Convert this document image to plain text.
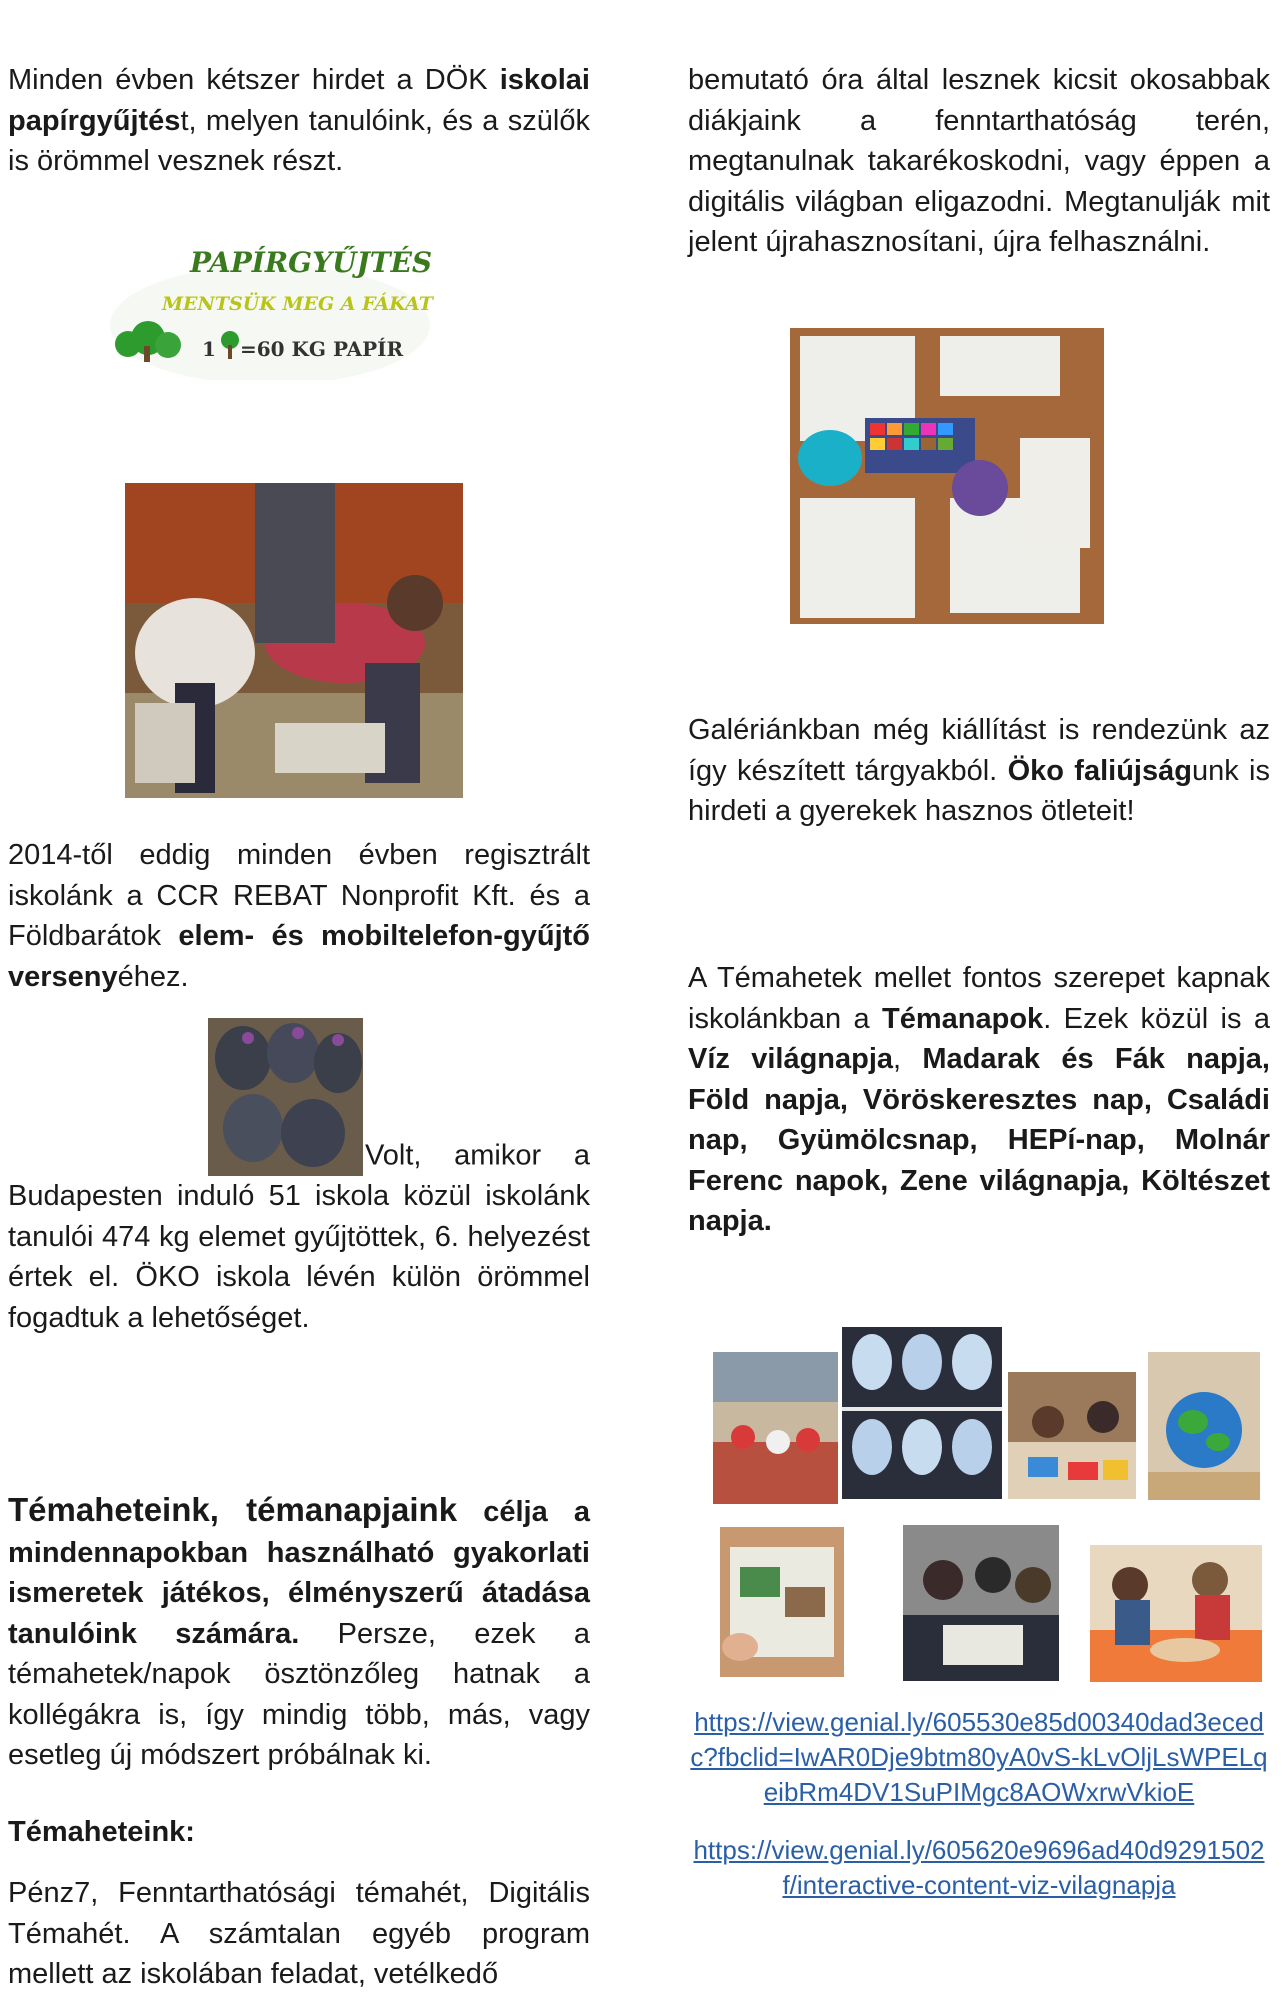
Minden évben kétszer hirdet a DÖK iskolai papírgyűjtést, melyen tanulóink, és a szülők is örömmel vesznek részt.

PAPÍRGYŰJTÉS
MENTSÜK MEG A FÁKAT
1 =60 KG PAPÍR

2014-től eddig minden évben regisztrált iskolánk a CCR REBAT Nonprofit Kft. és a Földbarátok elem- és mobiltelefon-gyűjtő versenyéhez.

Volt, amikor a Budapesten induló 51 iskola közül iskolánk tanulói 474 kg elemet gyűjtöttek, 6. helyezést értek el. ÖKO iskola lévén külön örömmel fogadtuk a lehetőséget.

Témaheteink, témanapjaink célja a mindennapokban használható gyakorlati ismeretek játékos, élményszerű átadása tanulóink számára. Persze, ezek a témahetek/napok ösztönzőleg hatnak a kollégákra is, így mindig több, más, vagy esetleg új módszert próbálnak ki.

Témaheteink:

Pénz7, Fenntarthatósági témahét, Digitális Témahét. A számtalan egyéb program mellett az iskolában feladat, vetélkedő

bemutató óra által lesznek kicsit okosabbak diákjaink a fenntarthatóság terén, megtanulnak takarékoskodni, vagy éppen a digitális világban eligazodni. Megtanulják mit jelent újrahasznosítani, újra felhasználni.

Galériánkban még kiállítást is rendezünk az így készített tárgyakból. Öko faliújságunk is hirdeti a gyerekek hasznos ötleteit!

A Témahetek mellet fontos szerepet kapnak iskolánkban a Témanapok. Ezek közül is a Víz világnapja, Madarak és Fák napja, Föld napja, Vöröskeresztes nap, Családi nap, Gyümölcsnap, HEPí-nap, Molnár Ferenc napok, Zene világnapja, Költészet napja.

https://view.genial.ly/605530e85d00340dad3ecedc?fbclid=IwAR0Dje9btm80yA0vS-kLvOljLsWPELqeibRm4DV1SuPIMgc8AOWxrwVkioE
https://view.genial.ly/605620e9696ad40d9291502f/interactive-content-viz-vilagnapja
